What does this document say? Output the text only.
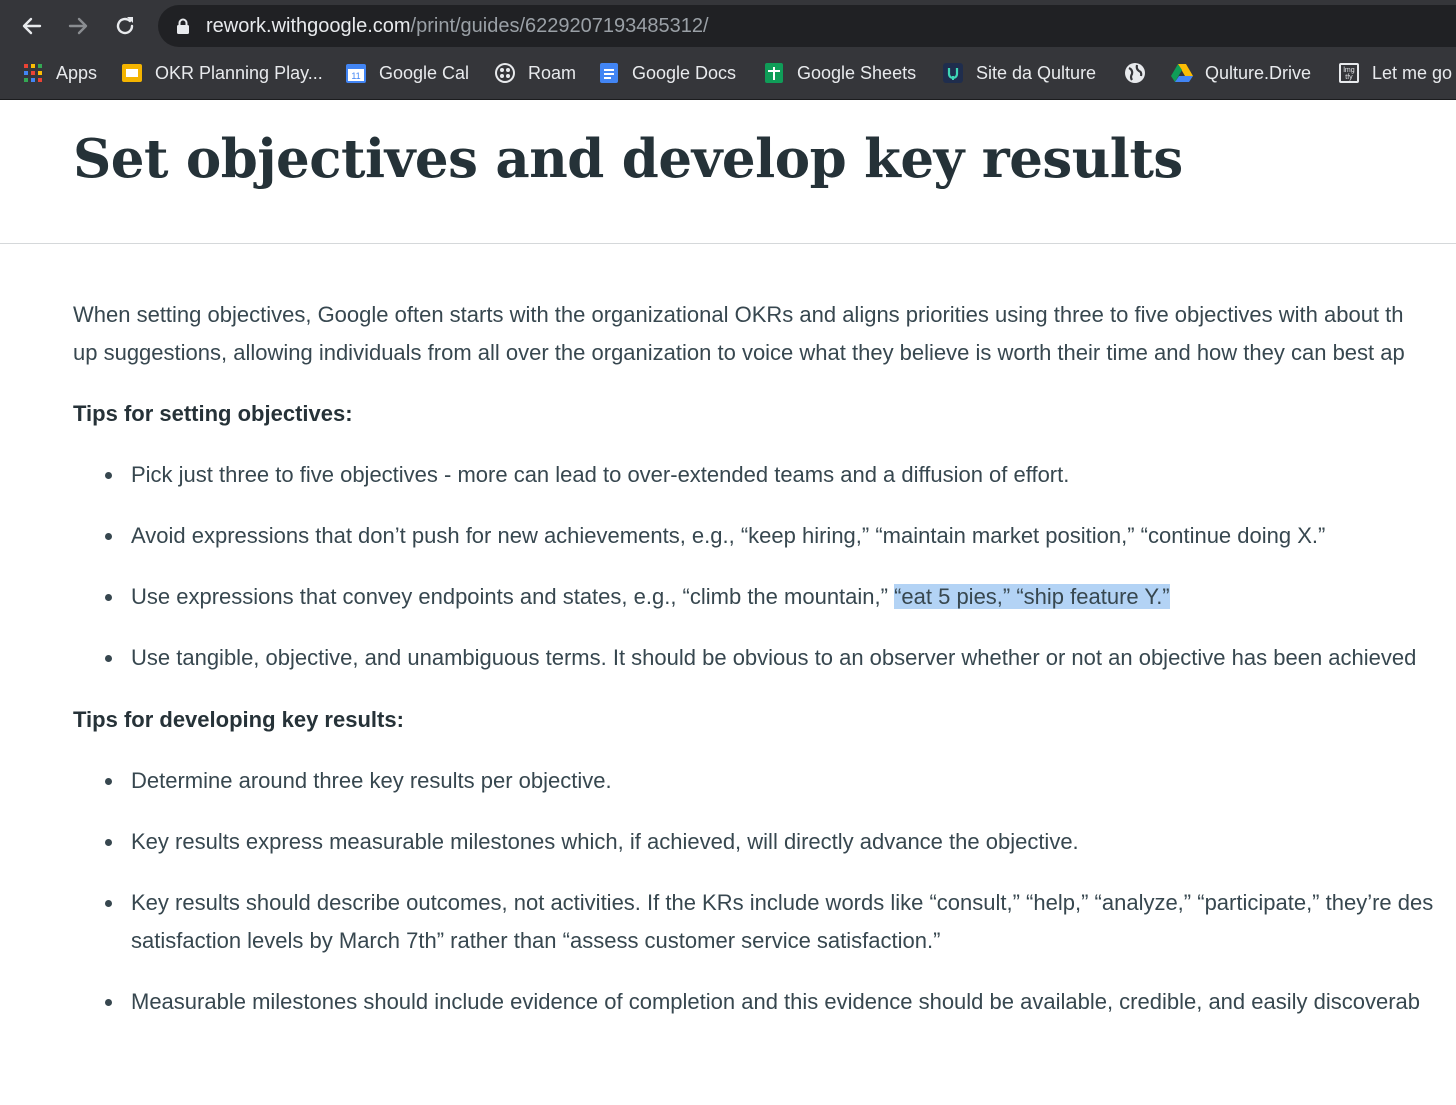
rework.withgoogle.com/print/guides/6229207193485312/
Apps	OKR Planning Play...	11 Google Cal	Roam	Google Docs	Google Sheets	Site da Qulture	Qulture.Drive	lmg
tfy Let me go
Set objectives and develop key results

When setting objectives, Google often starts with the organizational OKRs and aligns priorities using three to five objectives with about th

up suggestions, allowing individuals from all over the organization to voice what they believe is worth their time and how they can best ap

Tips for setting objectives:
Pick just three to five objectives - more can lead to over-extended teams and a diffusion of effort.
Avoid expressions that don’t push for new achievements, e.g., “keep hiring,” “maintain market position,” “continue doing X.”
Use expressions that convey endpoints and states, e.g., “climb the mountain,” “eat 5 pies,” “ship feature Y.”
Use tangible, objective, and unambiguous terms. It should be obvious to an observer whether or not an objective has been achieved
Tips for developing key results:
Determine around three key results per objective.
Key results express measurable milestones which, if achieved, will directly advance the objective.
Key results should describe outcomes, not activities. If the KRs include words like “consult,” “help,” “analyze,” “participate,” they’re des
satisfaction levels by March 7th” rather than “assess customer service satisfaction.”
Measurable milestones should include evidence of completion and this evidence should be available, credible, and easily discoverab
